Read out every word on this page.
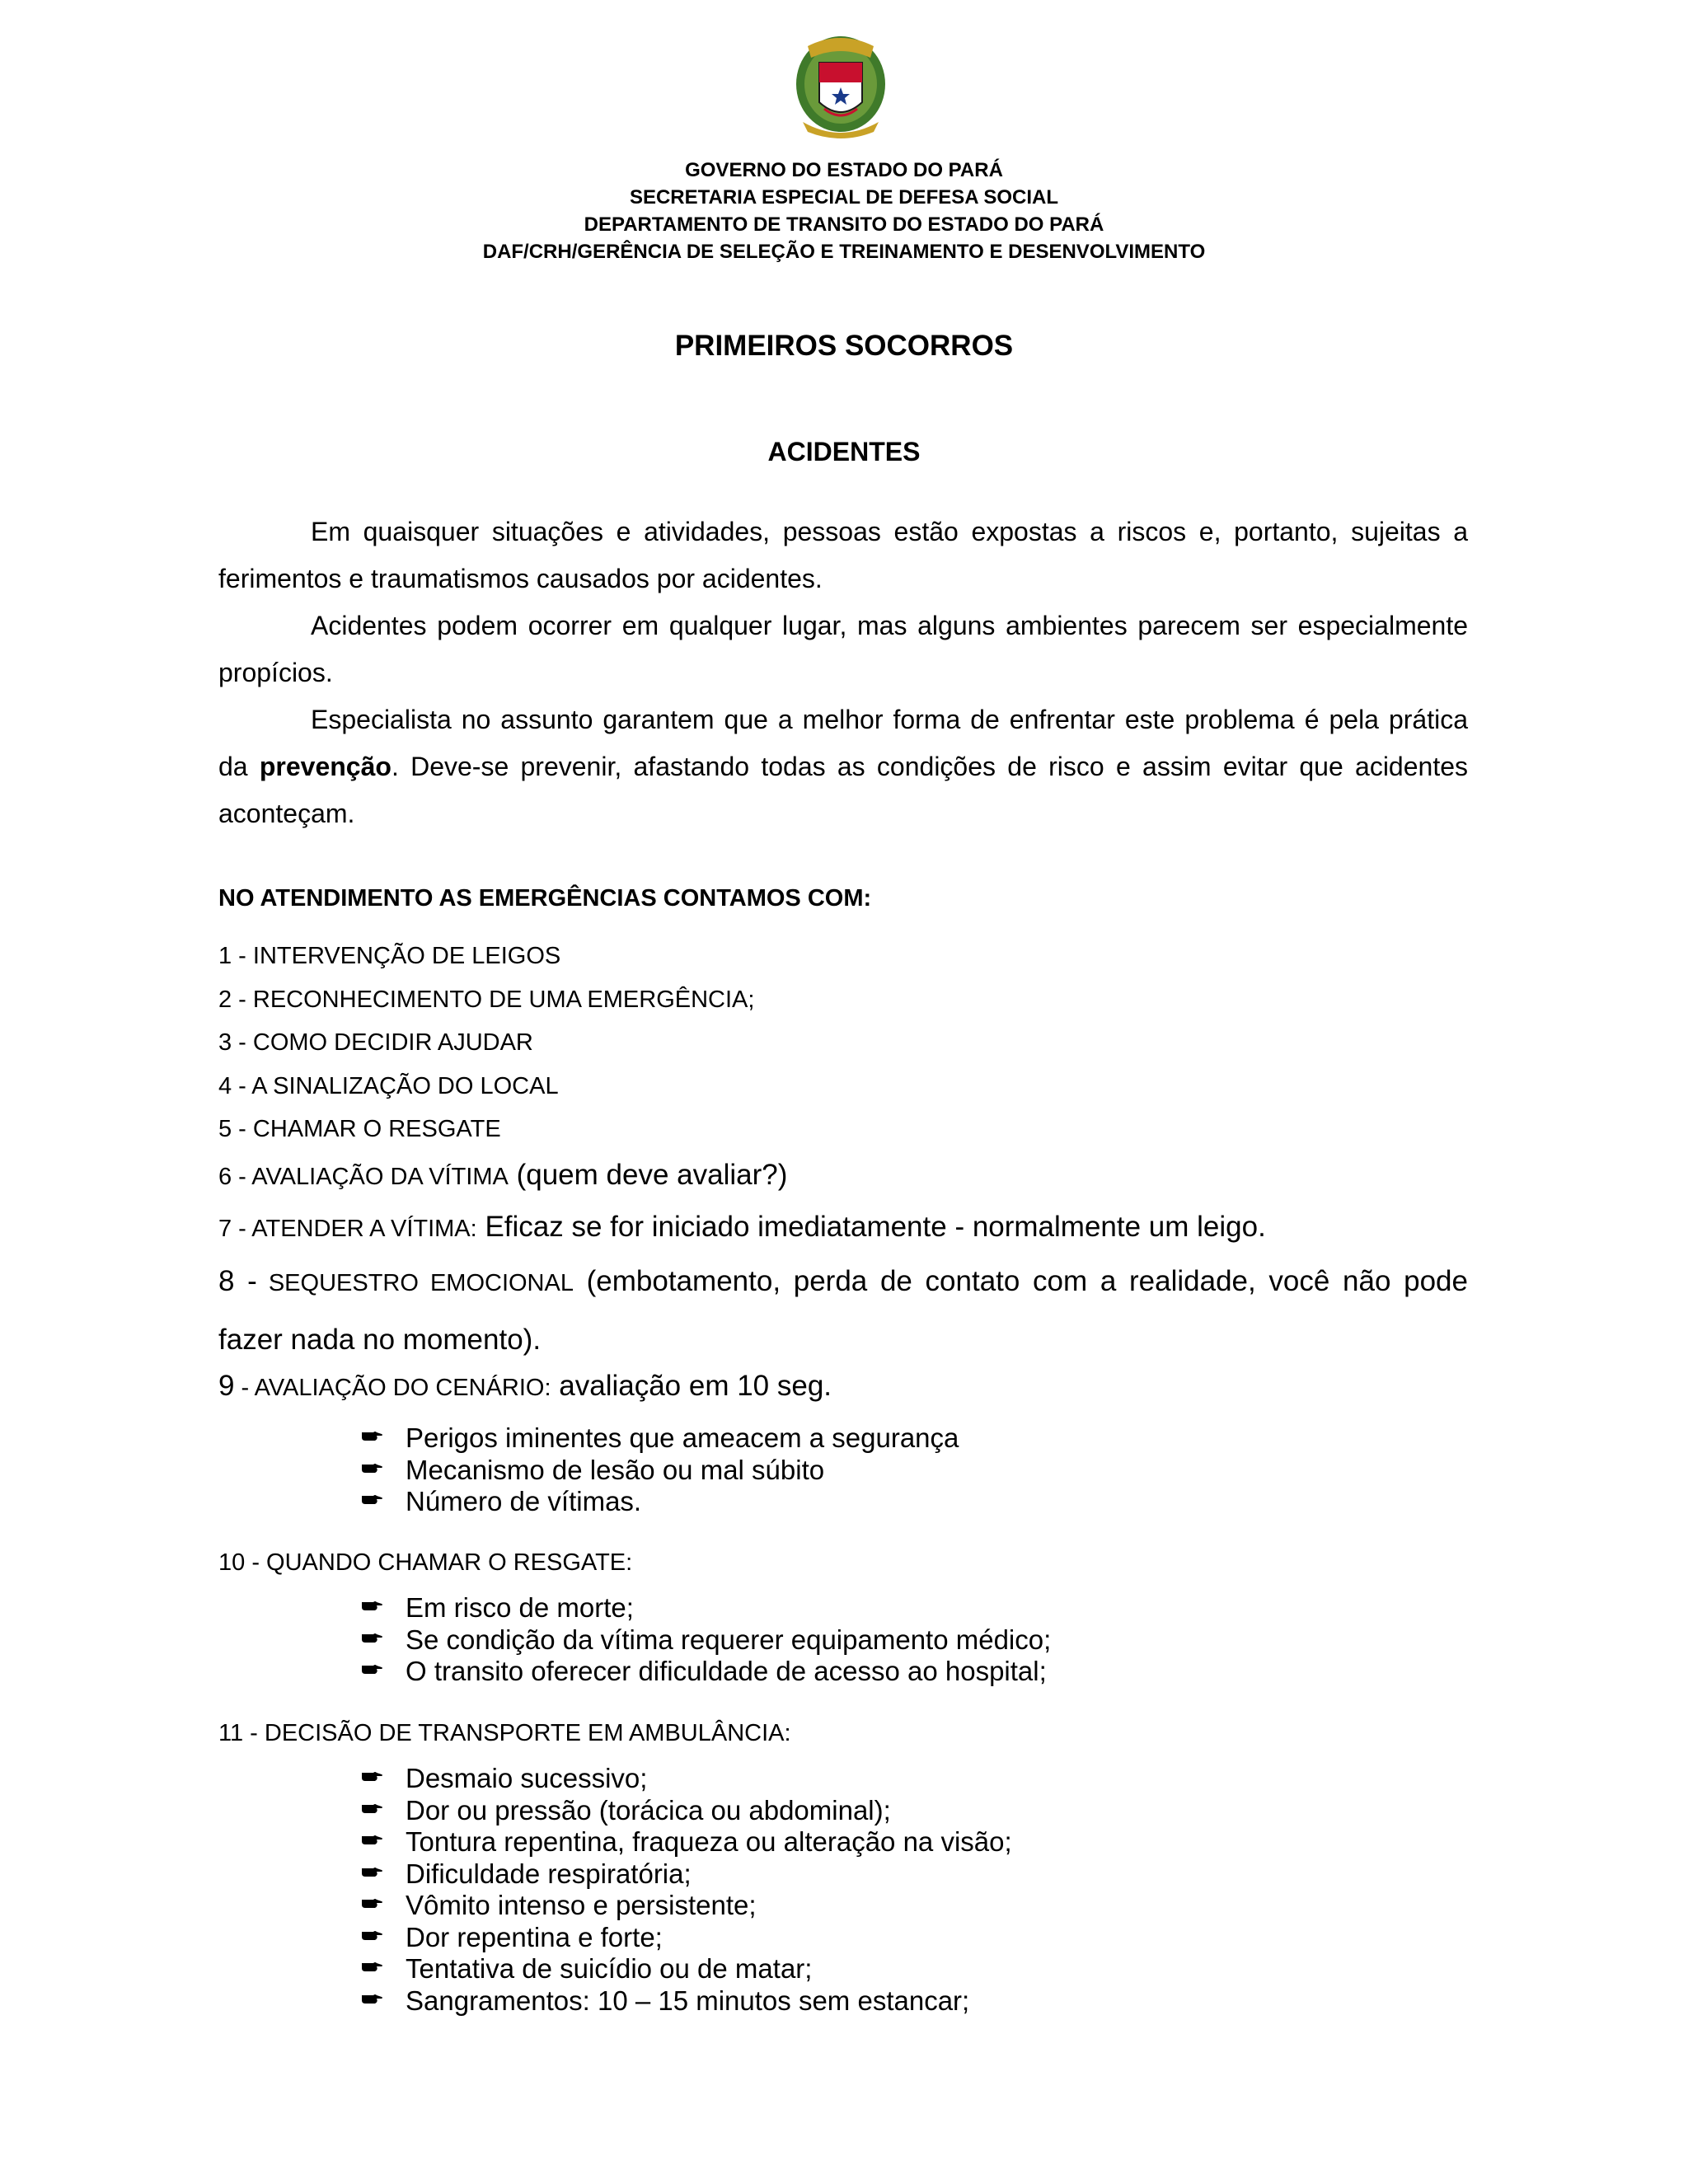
GOVERNO DO ESTADO DO PARÁ
SECRETARIA ESPECIAL DE DEFESA SOCIAL
DEPARTAMENTO DE TRANSITO DO ESTADO DO PARÁ
DAF/CRH/GERÊNCIA DE SELEÇÃO E TREINAMENTO E DESENVOLVIMENTO
PRIMEIROS SOCORROS
ACIDENTES

Em quaisquer situações e atividades, pessoas estão expostas a riscos e, portanto, sujeitas a ferimentos e traumatismos causados por acidentes.

Acidentes podem ocorrer em qualquer lugar, mas alguns ambientes parecem ser especialmente propícios.

Especialista no assunto garantem que a melhor forma de enfrentar este problema é pela prática da prevenção. Deve-se prevenir, afastando todas as condições de risco e assim evitar que acidentes aconteçam.

NO ATENDIMENTO AS EMERGÊNCIAS CONTAMOS COM:
1 - INTERVENÇÃO DE LEIGOS
2 - RECONHECIMENTO DE UMA EMERGÊNCIA;
3 - COMO DECIDIR AJUDAR
4 - A SINALIZAÇÃO DO LOCAL
5 - CHAMAR O RESGATE
6 - AVALIAÇÃO DA VÍTIMA (quem deve avaliar?)
7 - ATENDER A VÍTIMA: Eficaz se for iniciado imediatamente - normalmente um leigo.
8 - SEQUESTRO EMOCIONAL (embotamento, perda de contato com a realidade, você não pode fazer nada no momento).
9 - AVALIAÇÃO DO CENÁRIO: avaliação em 10 seg.
Perigos iminentes que ameacem a segurança
Mecanismo de lesão ou mal súbito
Número de vítimas.
10 - QUANDO CHAMAR O RESGATE:
Em risco de morte;
Se condição da vítima requerer equipamento médico;
O transito oferecer dificuldade de acesso ao hospital;
11 - DECISÃO DE TRANSPORTE EM AMBULÂNCIA:
Desmaio sucessivo;
Dor ou pressão (torácica ou abdominal);
Tontura repentina, fraqueza ou alteração na visão;
Dificuldade respiratória;
Vômito intenso e persistente;
Dor repentina e forte;
Tentativa de suicídio ou de matar;
Sangramentos: 10 – 15 minutos sem estancar;
